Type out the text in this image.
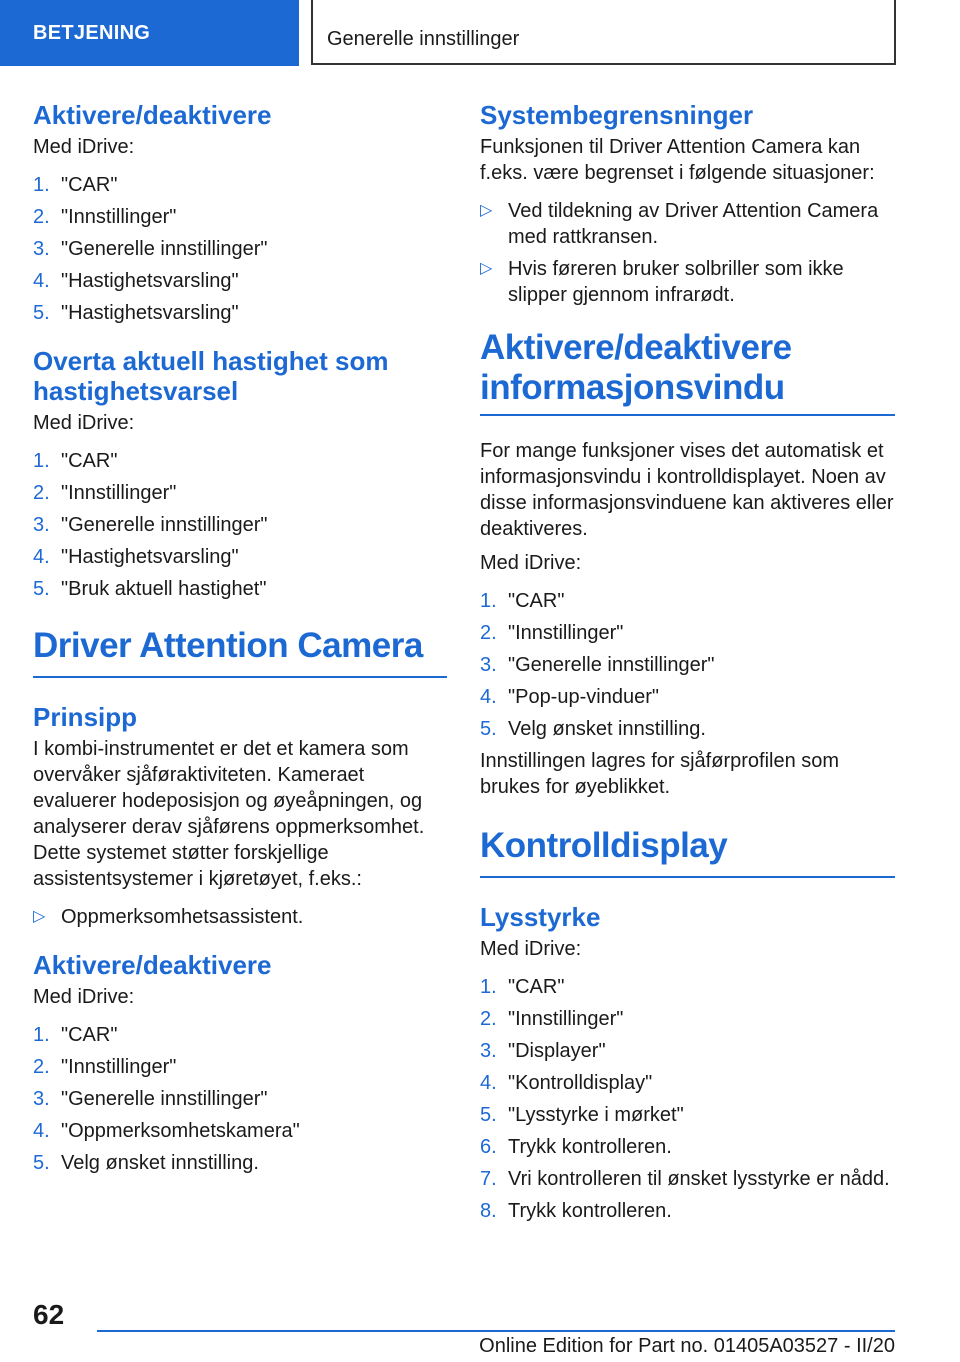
BETJENING	Generelle innstillinger
Aktivere/deaktivere

Med iDrive:

1. "CAR"
2. "Innstillinger"
3. "Generelle innstillinger"
4. "Hastighetsvarsling"
5. "Hastighetsvarsling"
Overta aktuell hastighet som hastighetsvarsel

Med iDrive:

1. "CAR"
2. "Innstillinger"
3. "Generelle innstillinger"
4. "Hastighetsvarsling"
5. "Bruk aktuell hastighet"
Driver Attention Camera
Prinsipp

I kombi-instrumentet er det et kamera som overvåker sjåføraktiviteten. Kameraet evaluerer hodeposisjon og øyeåpningen, og analyserer derav sjåførens oppmerksomhet. Dette systemet støtter forskjellige assistentsystemer i kjøretøyet, f.eks.:

▷ Oppmerksomhetsassistent.
Aktivere/deaktivere

Med iDrive:

1. "CAR"
2. "Innstillinger"
3. "Generelle innstillinger"
4. "Oppmerksomhetskamera"
5. Velg ønsket innstilling.
Systembegrensninger

Funksjonen til Driver Attention Camera kan f.eks. være begrenset i følgende situasjoner:

▷ Ved tildekning av Driver Attention Camera med rattkransen.
▷ Hvis føreren bruker solbriller som ikke slipper gjennom infrarødt.
Aktivere/deaktivere informasjonsvindu

For mange funksjoner vises det automatisk et informasjonsvindu i kontrolldisplayet. Noen av disse informasjonsvinduene kan aktiveres eller deaktiveres.

Med iDrive:

1. "CAR"
2. "Innstillinger"
3. "Generelle innstillinger"
4. "Pop-up-vinduer"
5. Velg ønsket innstilling.

Innstillingen lagres for sjåførprofilen som brukes for øyeblikket.

Kontrolldisplay
Lysstyrke

Med iDrive:

1. "CAR"
2. "Innstillinger"
3. "Displayer"
4. "Kontrolldisplay"
5. "Lysstyrke i mørket"
6. Trykk kontrolleren.
7. Vri kontrolleren til ønsket lysstyrke er nådd.
8. Trykk kontrolleren.
62
Online Edition for Part no. 01405A03527 - II/20
